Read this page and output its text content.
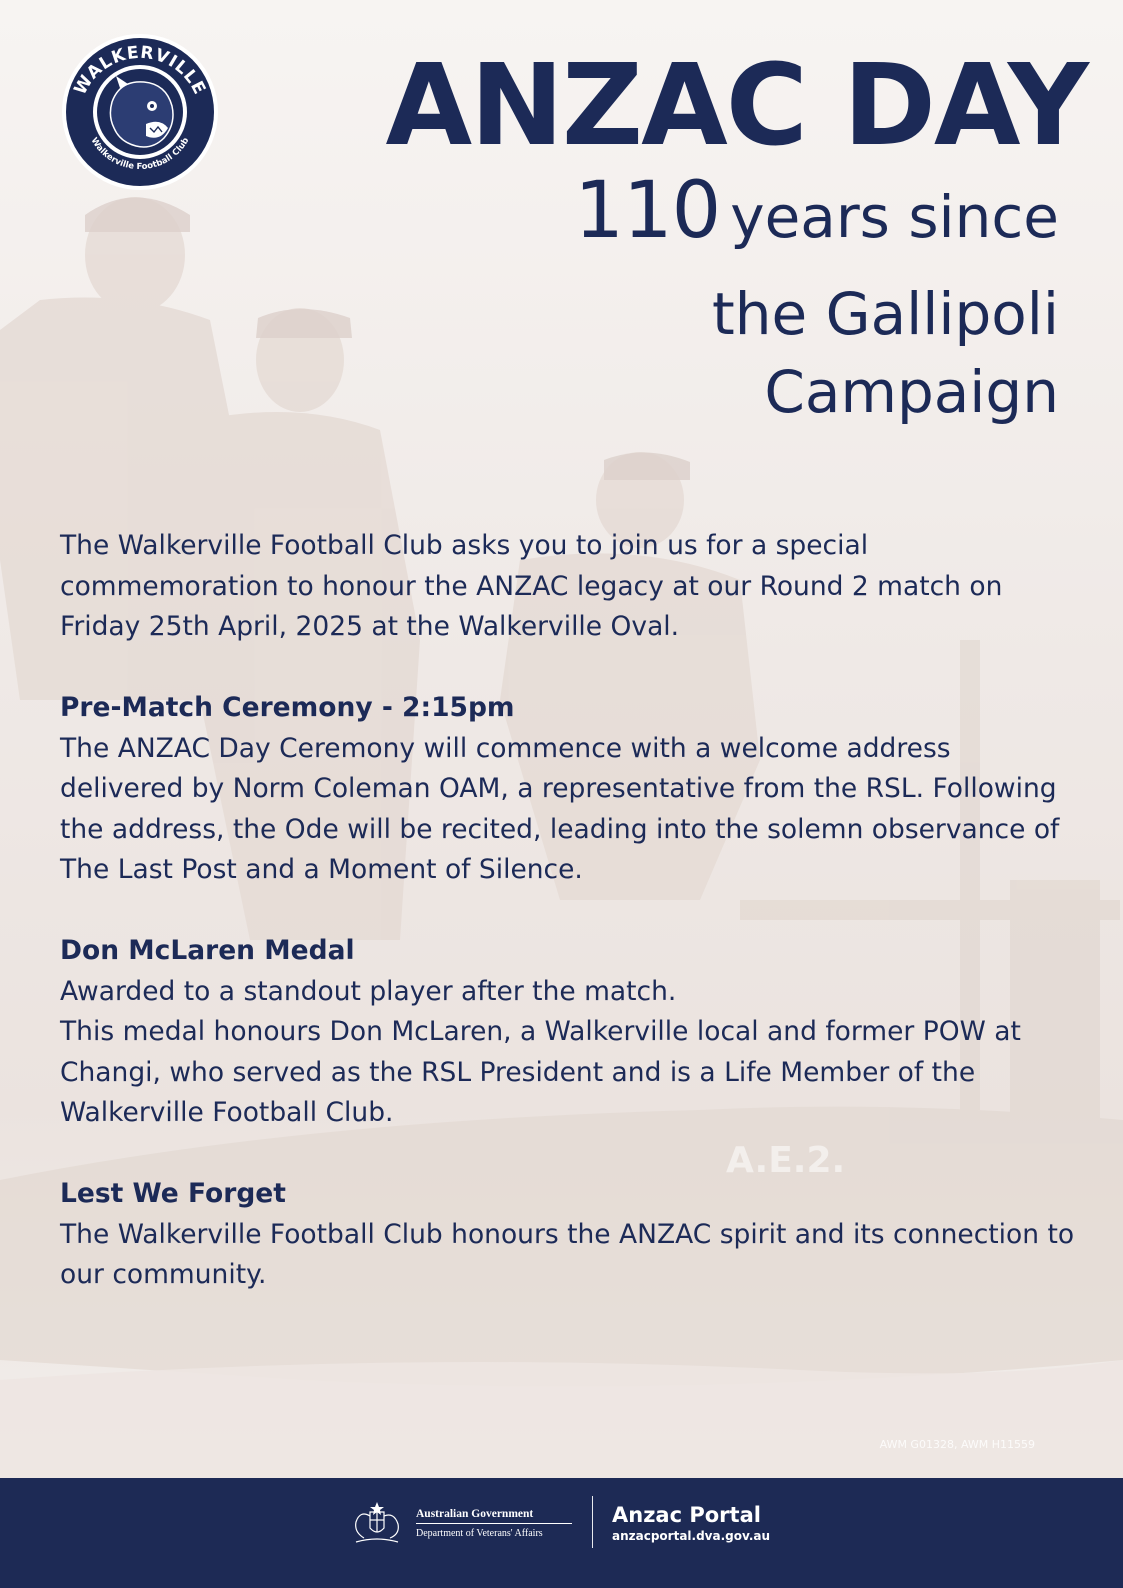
A.E.2.
WALKERVILLE
Walkerville Football Club	ANZAC DAY
110 years since
the Gallipoli
Campaign

The Walkerville Football Club asks you to join us for a special commemoration to honour the ANZAC legacy at our Round 2 match on Friday 25th April, 2025 at the Walkerville Oval.

Pre-Match Ceremony - 2:15pm

The ANZAC Day Ceremony will commence with a welcome address delivered by Norm Coleman OAM, a representative from the RSL. Following the address, the Ode will be recited, leading into the solemn observance of The Last Post and a Moment of Silence.

Don McLaren Medal

Awarded to a standout player after the match.

This medal honours Don McLaren, a Walkerville local and former POW at Changi, who served as the RSL President and is a Life Member of the Walkerville Football Club.

Lest We Forget

The Walkerville Football Club honours the ANZAC spirit and its connection to our community.

AWM G01328, AWM H11559
Australian Government
Department of Veterans' Affairs
Anzac Portal
anzacportal.dva.gov.au
